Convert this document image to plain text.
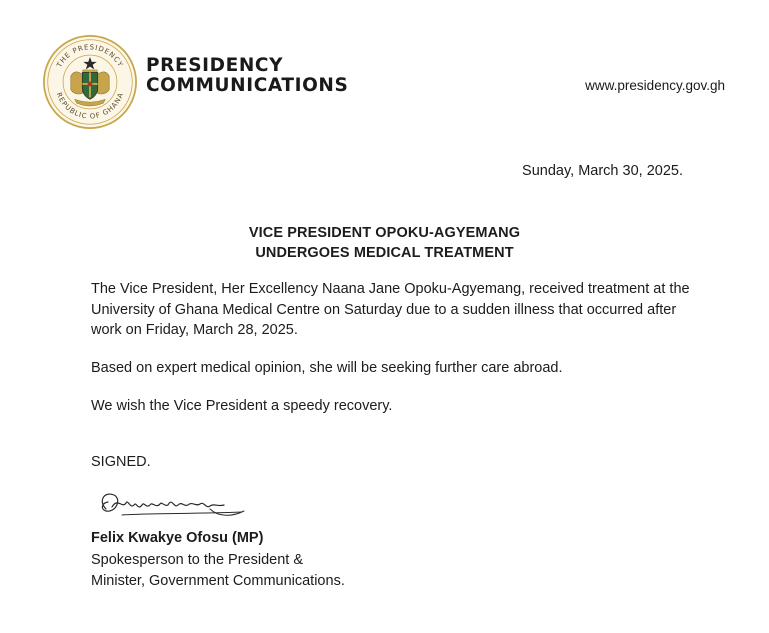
THE PRESIDENCY
REPUBLIC OF GHANA
PRESIDENCY
COMMUNICATIONS	www.presidency.gov.gh
Sunday, March 30, 2025.
VICE PRESIDENT OPOKU-AGYEMANG
UNDERGOES MEDICAL TREATMENT
The Vice President, Her Excellency Naana Jane Opoku-Agyemang, received treatment at the University of Ghana Medical Centre on Saturday due to a sudden illness that occurred after work on Friday, March 28, 2025.
Based on expert medical opinion, she will be seeking further care abroad.
We wish the Vice President a speedy recovery.
SIGNED.
Felix Kwakye Ofosu (MP)
Spokesperson to the President &
Minister, Government Communications.
